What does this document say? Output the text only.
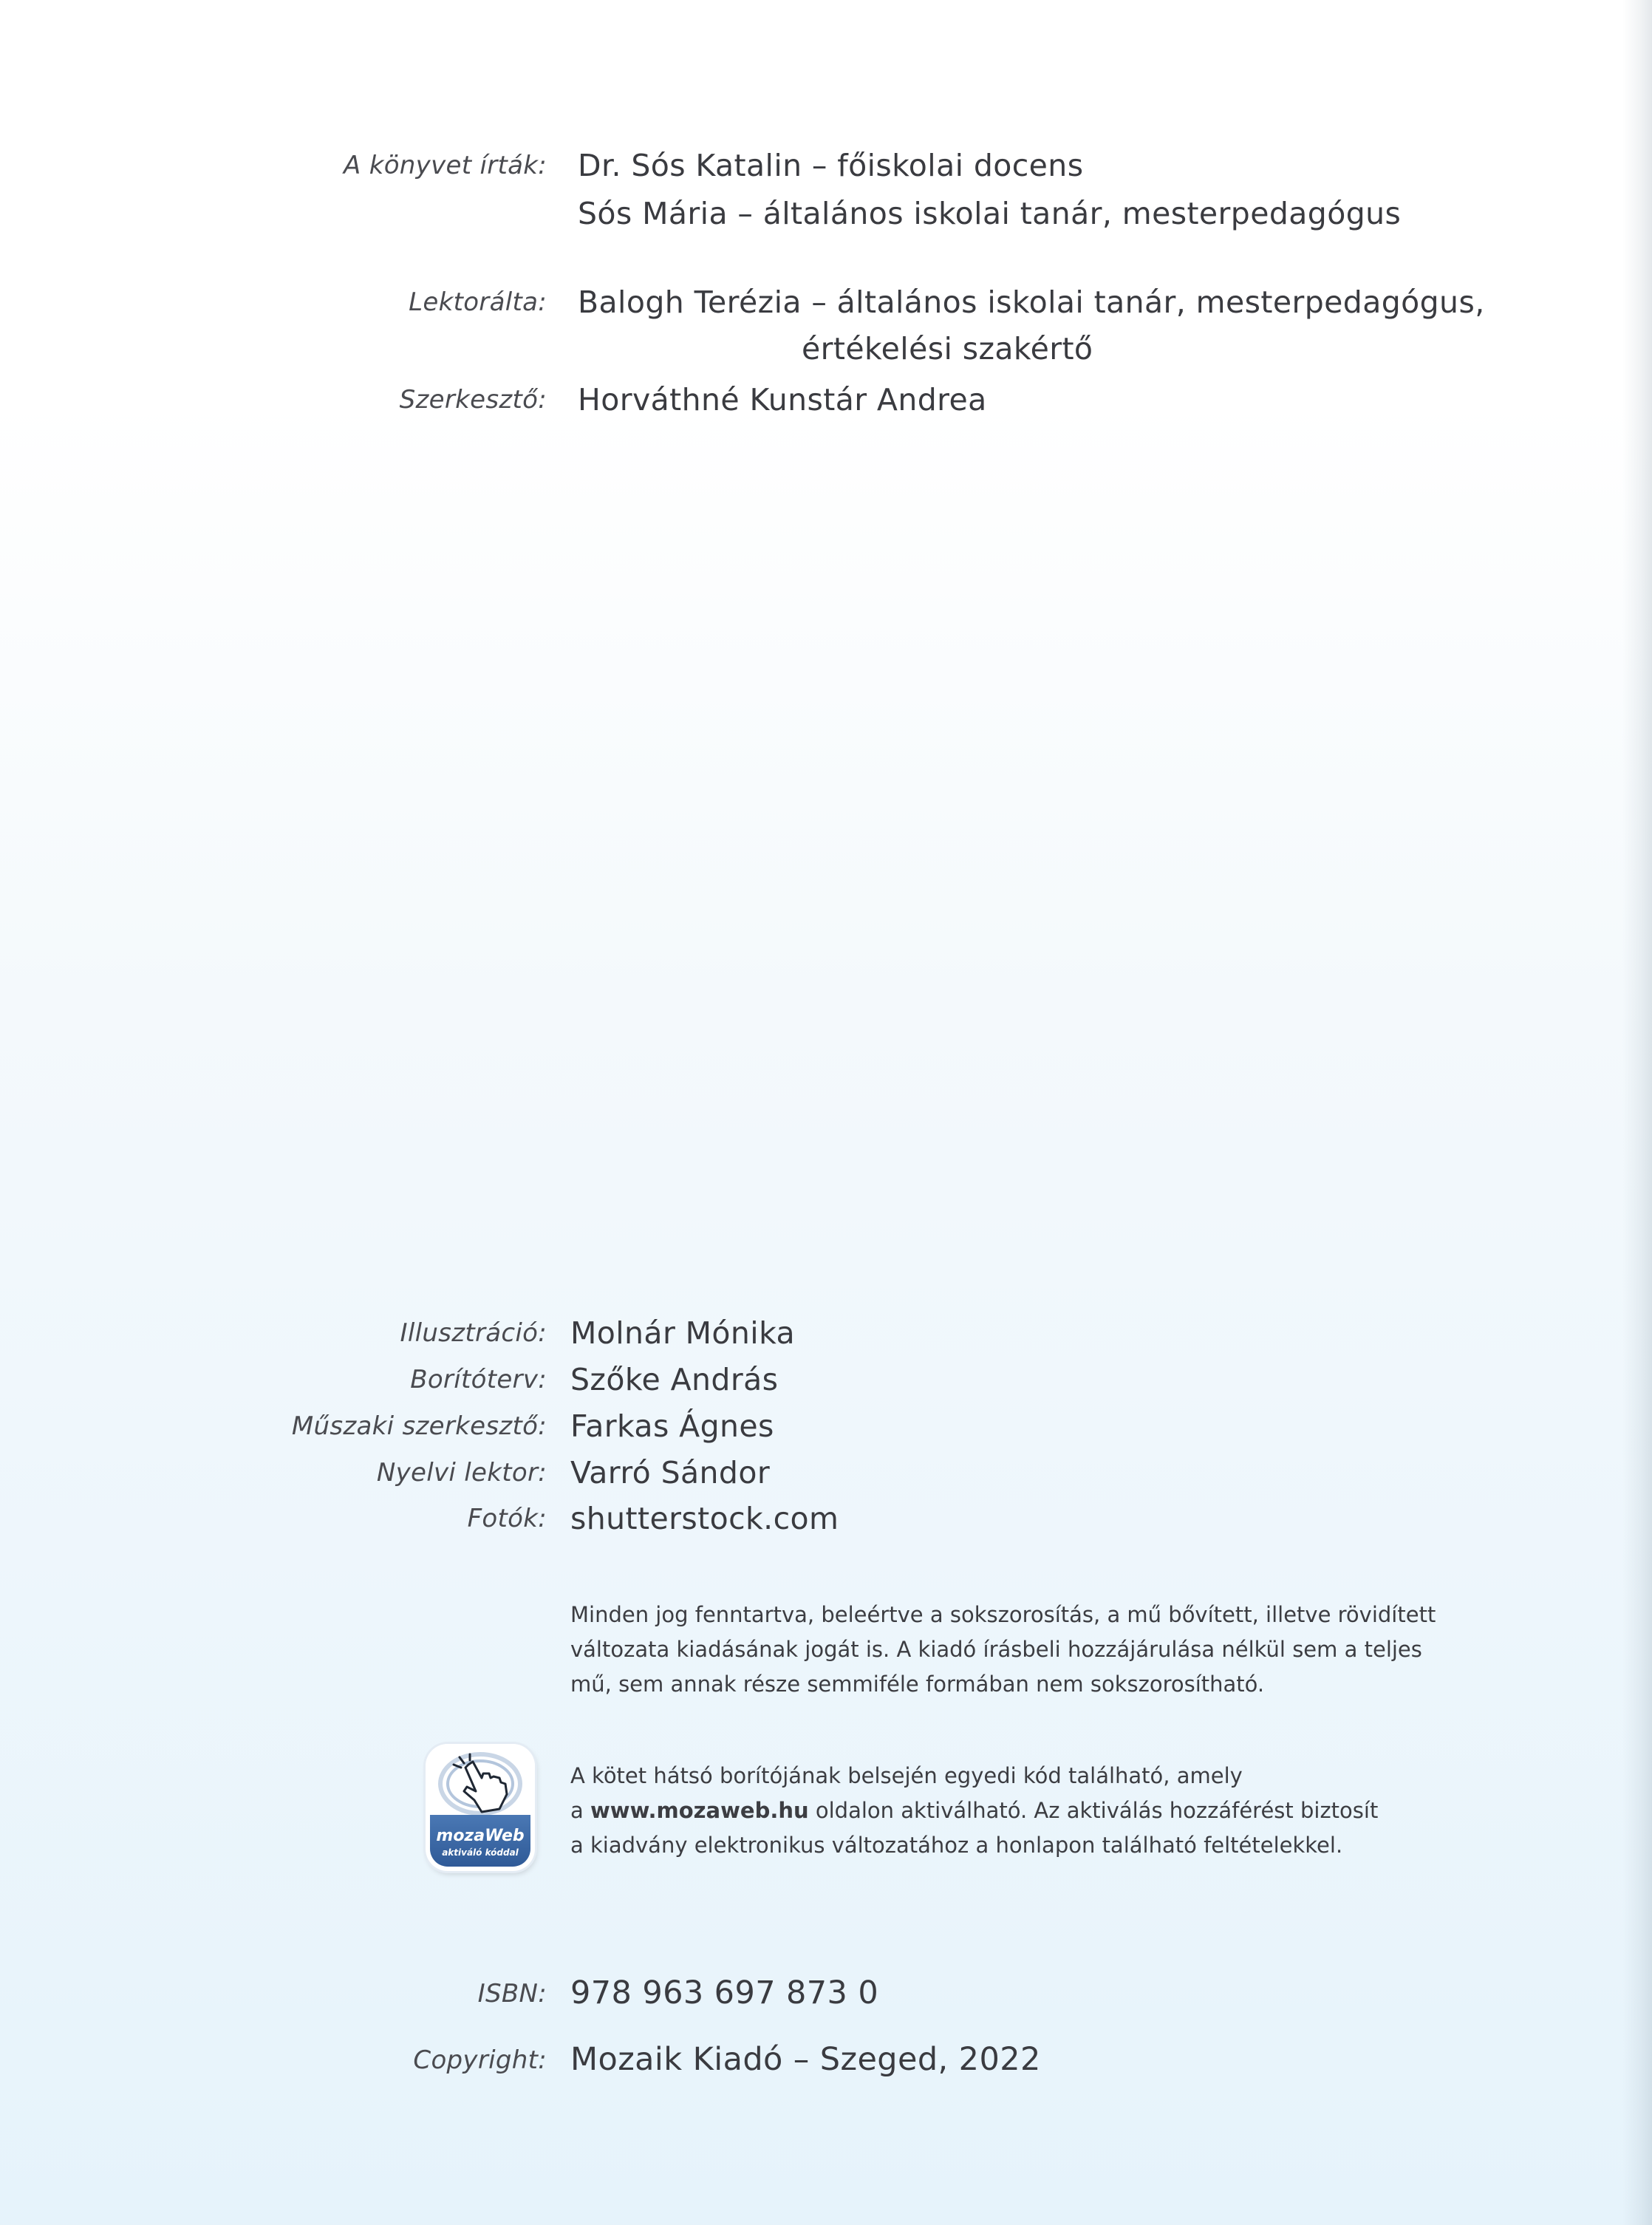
A könyvet írták: Dr. Sós Katalin – főiskolai docens
Sós Mária – általános iskolai tanár, mesterpedagógus
Lektorálta: Balogh Terézia – általános iskolai tanár, mesterpedagógus,
értékelési szakértő
Szerkesztő: Horváthné Kunstár Andrea
Illusztráció: Molnár Mónika
Borítóterv: Szőke András
Műszaki szerkesztő: Farkas Ágnes
Nyelvi lektor: Varró Sándor
Fotók: shutterstock.com
Minden jog fenntartva, beleértve a sokszorosítás, a mű bővített, illetve rövidített
változata kiadásának jogát is. A kiadó írásbeli hozzájárulása nélkül sem a teljes
mű, sem annak része semmiféle formában nem sokszorosítható.
mozaWeb
aktiváló kóddal
A kötet hátsó borítójának belsején egyedi kód található, amely
a www.mozaweb.hu oldalon aktiválható. Az aktiválás hozzáférést biztosít
a kiadvány elektronikus változatához a honlapon található feltételekkel.
ISBN: 978 963 697 873 0
Copyright: Mozaik Kiadó – Szeged, 2022
